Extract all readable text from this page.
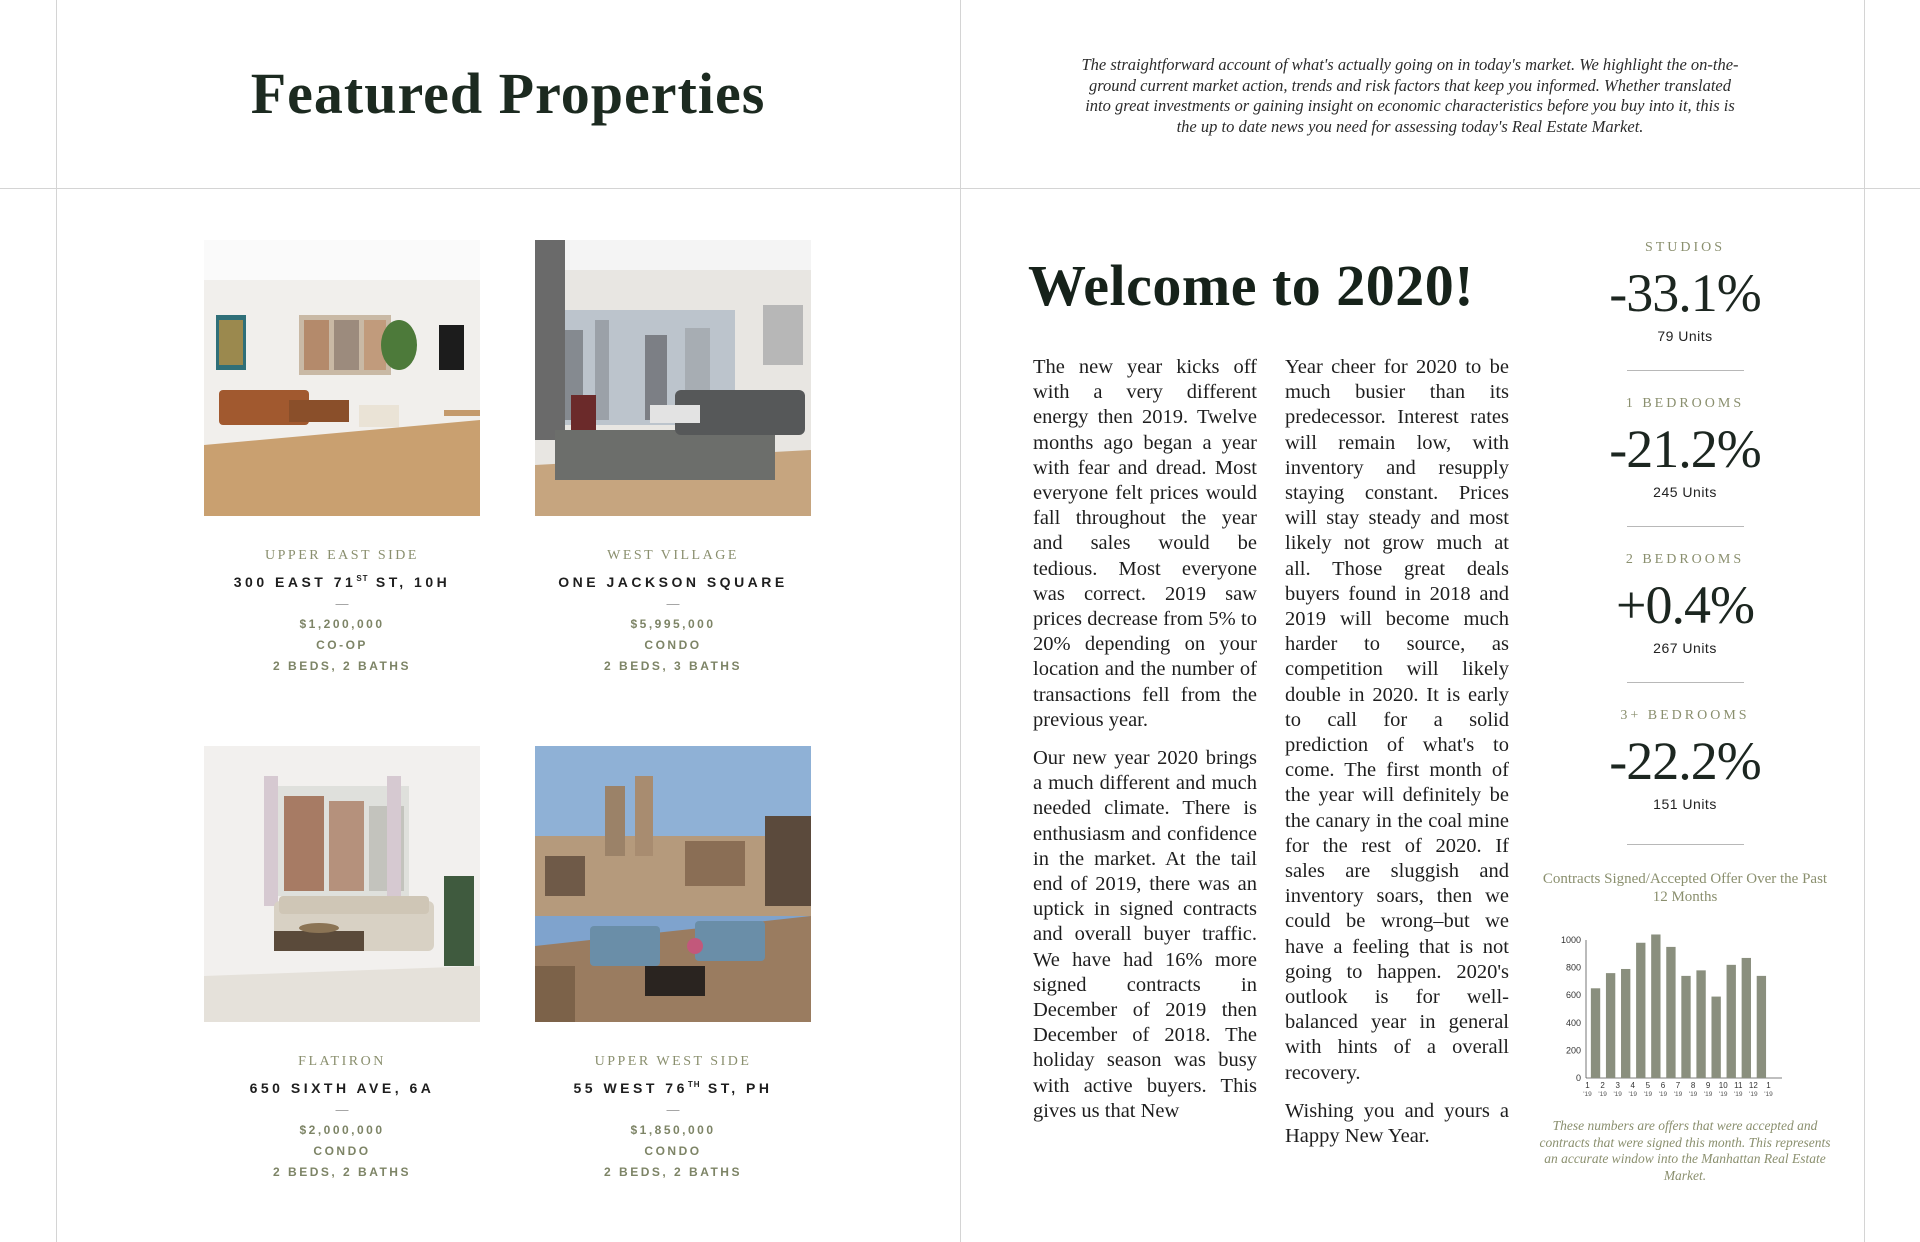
Featured Properties
UPPER EAST SIDE
300 EAST 71ST ST, 10H
—
$1,200,000
CO-OP
2 BEDS, 2 BATHS
WEST VILLAGE
ONE JACKSON SQUARE
—
$5,995,000
CONDO
2 BEDS, 3 BATHS
FLATIRON
650 SIXTH AVE, 6A
—
$2,000,000
CONDO
2 BEDS, 2 BATHS
UPPER WEST SIDE
55 WEST 76TH ST, PH
—
$1,850,000
CONDO
2 BEDS, 2 BATHS
The straightforward account of what's actually going on in today's market. We highlight the on-the-ground current market action, trends and risk factors that keep you informed. Whether translated into great investments or gaining insight on economic characteristics before you buy into it, this is the up to date news you need for assessing today's Real Estate Market.
Welcome to 2020!

The new year kicks off with a very different energy then 2019. Twelve months ago began a year with fear and dread. Most everyone felt prices would fall throughout the year and sales would be tedious. Most everyone was correct. 2019 saw prices decrease from 5% to 20% depending on your location and the number of transactions fell from the previous year.

Our new year 2020 brings a much different and much needed climate. There is enthusiasm and confidence in the market. At the tail end of 2019, there was an uptick in signed contracts and overall buyer traffic. We have had 16% more signed contracts in December of 2019 then December of 2018. The holiday season was busy with active buyers. This gives us that New

Year cheer for 2020 to be much busier than its predecessor. Interest rates will remain low, with inventory and resupply staying constant. Prices will stay steady and most likely not grow much at all. Those great deals buyers found in 2018 and 2019 will become much harder to source, as competition will likely double in 2020. It is early to call for a solid prediction of what's to come. The first month of the year will definitely be the canary in the coal mine for the rest of 2020. If sales are sluggish and inventory soars, then we could be wrong–but we have a feeling that is not going to happen. 2020's outlook is for well-balanced year in general with hints of a overall recovery.

Wishing you and yours a Happy New Year.

STUDIOS
-33.1%
79 Units
1 BEDROOMS
-21.2%
245 Units
2 BEDROOMS
+0.4%
267 Units
3+ BEDROOMS
-22.2%
151 Units
Contracts Signed/Accepted Offer Over the Past 12 Months
0
200
400
600
800
1000
1
'19
2
'19
3
'19
4
'19
5
'19
6
'19
7
'19
8
'19
9
'19
10
'19
11
'19
12
'19
1
'19
These numbers are offers that were accepted and contracts that were signed this month. This represents an accurate window into the Manhattan Real Estate Market.
